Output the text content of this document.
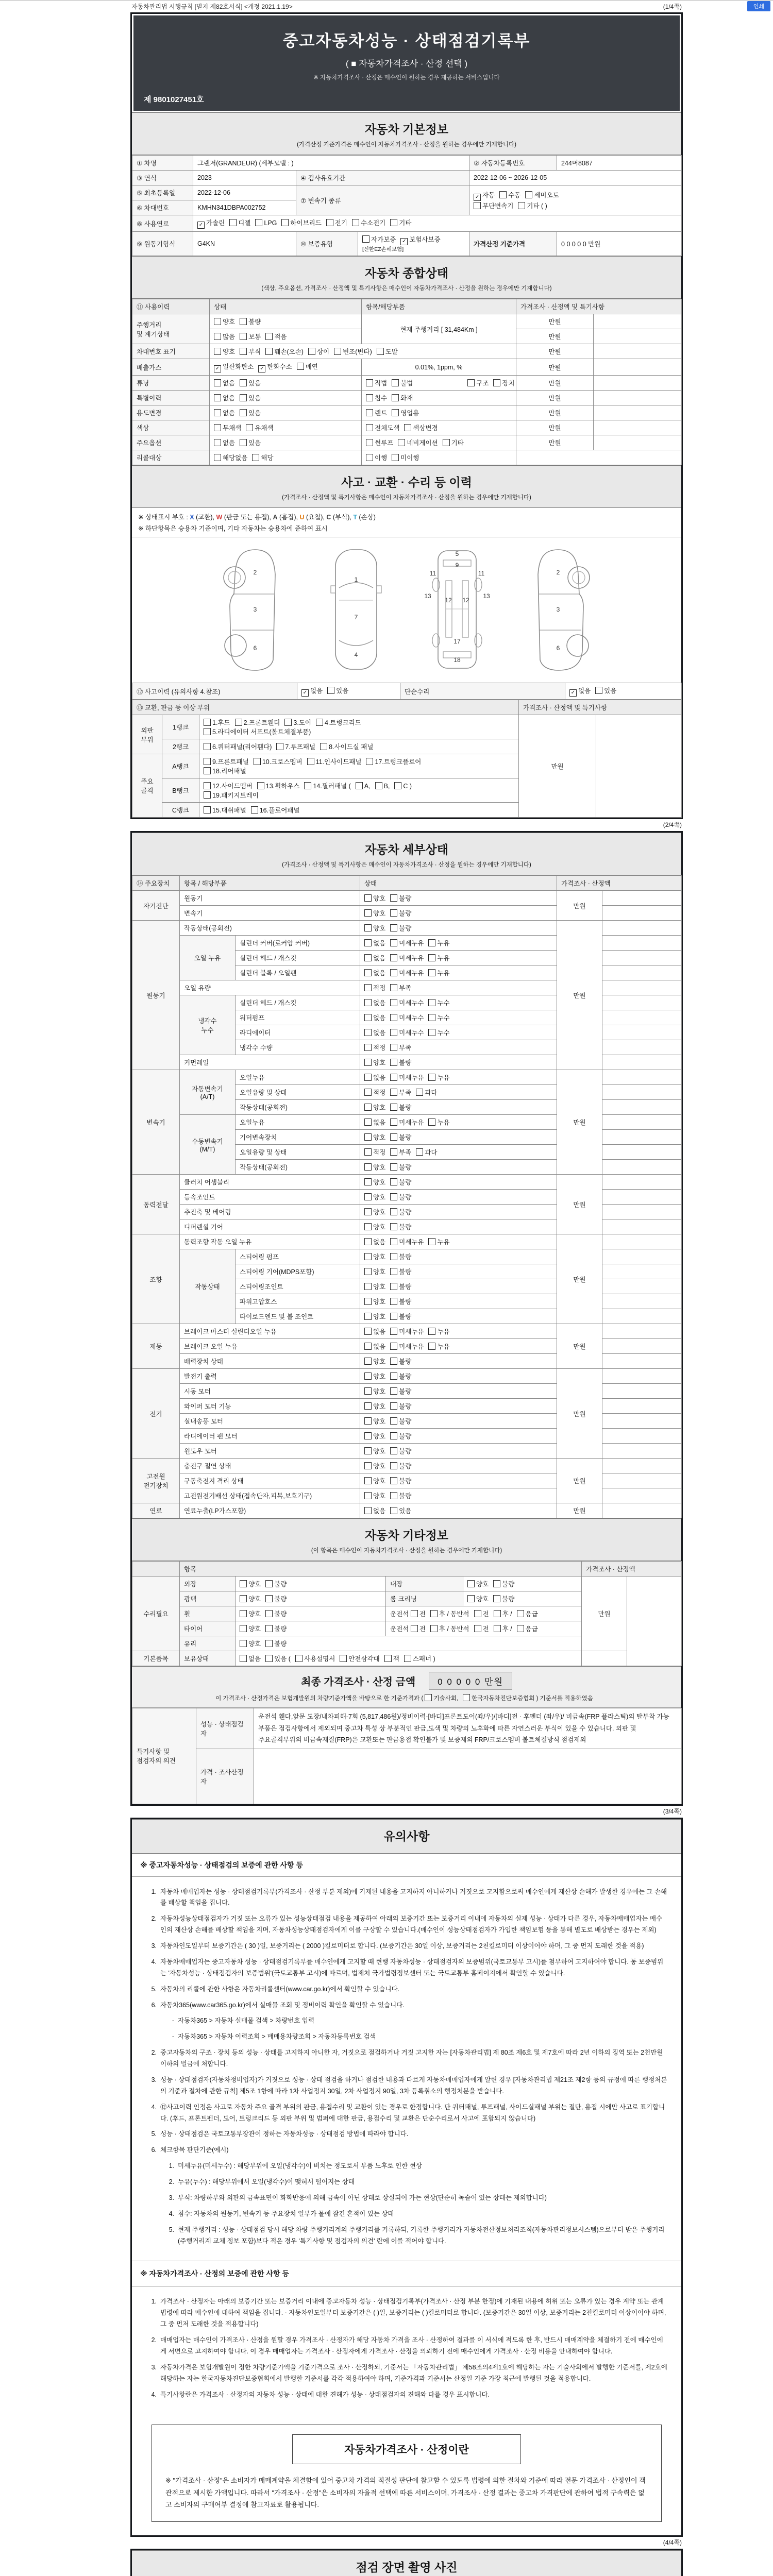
인쇄
자동차관리법 시행규칙 [별지 제82호서식] <개정 2021.1.19>	(1/4쪽)
중고자동차성능 · 상태점검기록부
( ■ 자동차가격조사 · 산정 선택 )
※ 자동차가격조사 · 산정은 매수인이 원하는 경우 제공하는 서비스입니다
제 9801027451호
자동차 기본정보
(가격산정 기준가격은 매수인이 자동차가격조사 · 산정을 원하는 경우에만 기재합니다)
① 차명	그랜저(GRANDEUR) (세부모델 : )			② 자동차등록번호	244머8087
③ 연식	2023	④ 검사유효기간		2022-12-06 ~ 2026-12-05	
⑤ 최초등록일	2022-12-06	⑦ 변속기 종류		✓ 자동수동세미오토
무단변속기기타 ( )	
⑥ 차대번호	KMHN341DBPA002752				
⑧ 사용연료	✓ 가솔린디젤LPG하이브리드전기수소전기기타				
⑨ 원동기형식	G4KN	⑩ 보증유형	자가보증✓ 보험사보증 [신한EZ손해보험]	가격산정 기준가격	0 0 0 0 0 만원
자동차 종합상태
(색상, 주요옵션, 가격조사 · 산정액 및 특기사항은 매수인이 자동차가격조사 · 산정을 원하는 경우에만 기재합니다)
⑪ 사용이력	상태	항목/해당부품	가격조사 · 산정액 및 특기사항	
주행거리
및 계기상태	양호불량	현재 주행거리 [ 31,484Km ]	만원	
	많음보통적음		만원	
차대번호 표기	양호부식훼손(오손)상이변조(변타)도말		만원	
배출가스	✓ 일산화탄소✓ 탄화수소매연	0.01%, 1ppm, %	만원	
튜닝	없음있음	적법불법 구조장치	만원	
특별이력	없음있음	침수화재	만원	
용도변경	없음있음	렌트영업용	만원	
색상	무채색유채색	전체도색색상변경	만원	
주요옵션	없음있음	썬루프네비게이션기타	만원	
리콜대상	해당없음해당	이행미이행		
사고 · 교환 · 수리 등 이력
(가격조사 · 산정액 및 특기사항은 매수인이 자동차가격조사 · 산정을 원하는 경우에만 기재합니다)
※ 상태표시 부호 : X (교환), W (판금 또는 용접), A (흠집), U (요철), C (부식), T (손상)
※ 하단항목은 승용차 기준이며, 기타 자동차는 승용차에 준하여 표시
2
3
6
1
7
4
5
9
11	11
13	13
12 12
17
18
2
3
6
⑫ 사고이력 (유의사항 4.참조)	✓ 없음있음	단순수리	✓ 없음있음
⑬ 교환, 판금 등 이상 부위			가격조사 · 산정액 및 특기사항	
외판
부위	1랭크	1.후드2.프론트휀더3.도어4.트렁크리드
5.라디에이터 서포트(볼트체결부품)	만원	
	2랭크	6.쿼터패널(리어휀다)7.루프패널8.사이드실 패널		
주요
골격	A랭크	9.프론트패널10.크로스멤버11.인사이드패널17.트렁크플로어
18.리어패널		
	B랭크	12.사이드멤버13.휠하우스14.필러패널 (A,B,C )
19.패키지트레이		
	C랭크	15.대쉬패널16.플로어패널		
(2/4쪽)
자동차 세부상태
(가격조사 · 산정액 및 특기사항은 매수인이 자동차가격조사 · 산정을 원하는 경우에만 기재합니다)
⑭ 주요장치	항목 / 해당부품		상태	가격조사 · 산정액	
자기진단	원동기		양호불량	만원	
	변속기		양호불량		
원동기	작동상태(공회전)		양호불량	만원	
	오일 누유	실린더 커버(로커암 커버)	없음미세누유누유		
		실린더 헤드 / 개스킷	없음미세누유누유		
		실린더 블록 / 오일팬	없음미세누유누유		
	오일 유량		적정부족		
	냉각수
누수	실린더 헤드 / 개스킷	없음미세누수누수		
		워터펌프	없음미세누수누수		
		라디에이터	없음미세누수누수		
		냉각수 수량	적정부족		
	커먼레일		양호불량		
변속기	자동변속기
(A/T)	오일누유	없음미세누유누유	만원	
		오일유량 및 상태	적정부족과다		
		작동상태(공회전)	양호불량		
	수동변속기
(M/T)	오일누유	없음미세누유누유		
		기어변속장치	양호불량		
		오일유량 및 상태	적정부족과다		
		작동상태(공회전)	양호불량		
동력전달	클러치 어셈블리		양호불량	만원	
	등속조인트		양호불량		
	추진축 및 베어링		양호불량		
	디퍼렌셜 기어		양호불량		
조향	동력조향 작동 오일 누유		없음미세누유누유	만원	
	작동상태	스티어링 펌프	양호불량		
		스티어링 기어(MDPS포함)	양호불량		
		스티어링조인트	양호불량		
		파워고압호스	양호불량		
		타이로드엔드 및 볼 조인트	양호불량		
제동	브레이크 마스터 실린더오일 누유		없음미세누유누유	만원	
	브레이크 오일 누유		없음미세누유누유		
	배력장치 상태		양호불량		
전기	발전기 출력		양호불량	만원	
	시동 모터		양호불량		
	와이퍼 모터 기능		양호불량		
	실내송풍 모터		양호불량		
	라디에이터 팬 모터		양호불량		
	윈도우 모터		양호불량		
고전원
전기장치	충전구 절연 상태		양호불량	만원	
	구동축전지 격리 상태		양호불량		
	고전원전기배선 상태(접속단자,피복,보호기구)		양호불량		
연료	연료누출(LP가스포함)		없음있음	만원	
자동차 기타정보
(이 항목은 매수인이 자동차가격조사 · 산정을 원하는 경우에만 기재합니다)
	항목				가격조사 · 산정액	
수리필요	외장	양호불량	내장	양호불량	만원	
	광택	양호불량	룸 크리닝	양호불량		
	휠	양호불량	운전석 전후 / 동반석전후 /응급			
	타이어	양호불량	운전석 전후 / 동반석전후 /응급			
	유리	양호불량				
기본품목	보유상태	없음있음 (사용설명서안전삼각대잭스패너 )				
최종 가격조사 · 산정 금액	0 0 0 0 0 만원
이 가격조사 · 산정가격은 보험개발원의 차량기준가액을 바탕으로 한 기준가격과 ( 기술사회,한국자동차진단보증협회 ) 기준서를 적용하였음
특기사항 및
점검자의 의견	성능 · 상태점검
자	운전석 휀다,앞문 도장/내차피해-7회 (5,817,486원)/정비이력-[바디]프론트도어(좌/우)/[바디]전 · 후펜더 (좌/우)/ 비금속(FRP 플라스틱)의 탈부착 가능 부품은 점검사항에서 제외되며 중고차 특성 상 부분적인 판금,도색 및 차량의 노후화에 따른 자연스러운 부식이 있을 수 있습니다. 외판 및 주요골격부위의 비금속재질(FRP)은 교환또는 판금용접 확인불가 및 보증제외 FRP/크로스멤버 볼트체결방식 점검제외
	가격 · 조사산정
자	
(3/4쪽)
유의사항
※ 중고자동차성능 · 상태점검의 보증에 관한 사항 등
1. 자동차 매매업자는 성능 · 상태점검기록부(가격조사 · 산정 부분 제외)에 기재된 내용을 고지하지 아니하거나 거짓으로 고지함으로써 매수인에게 재산상 손해가 발생한 경우에는 그 손해를 배상할 책임을 집니다.
2. 자동차성능상태점검자가 거짓 또는 오류가 있는 성능상태점검 내용을 제공하여 아래의 보증기간 또는 보증거리 이내에 자동차의 실제 성능 · 상태가 다른 경우, 자동차매매업자는 매수인의 재산상 손해를 배상할 책임을 지며, 자동차성능상태점검자에게 이를 구상할 수 있습니다.(매수인이 성능상태점검자가 가입한 책임보험 등을 통해 별도로 배상받는 경우는 제외)
3. 자동차인도일부터 보증기간은 ( 30 )일, 보증거리는 ( 2000 )킬로미터로 합니다. (보증기간은 30일 이상, 보증거리는 2천킬로미터 이상이어야 하며, 그 중 먼저 도래한 것을 적용)
4. 자동차매매업자는 중고자동차 성능 · 상태점검기록부를 매수인에게 고지할 때 현행 자동차성능 · 상태점검자의 보증범위(국토교통부 고시)를 첨부하여 고지하여야 합니다. 동 보증범위는 '자동차성능 · 상태점검자의 보증범위'(국토교통부 고시)에 따르며, 법제처 국가법령정보센터 또는 국토교통부 홈페이지에서 확인할 수 있습니다.
5. 자동차의 리콜에 관한 사항은 자동차리콜센터(www.car.go.kr)에서 확인할 수 있습니다.
6. 자동차365(www.car365.go.kr)에서 실매물 조회 및 정비이력 확인을 확인할 수 있습니다.
- 자동차365 > 자동차 실매물 검색 > 차량번호 입력
- 자동차365 > 자동차 이력조회 > 매매용차량조회 > 자동차등록번호 검색
2. 중고자동차의 구조 · 장치 등의 성능 · 상태를 고지하지 아니한 자, 거짓으로 점검하거나 거짓 고지한 자는 [자동차관리법] 제 80조 제6호 및 제7호에 따라 2년 이하의 징역 또는 2천만원 이하의 벌금에 처합니다.
3. 성능 · 상태점검자(자동차정비업자)가 거짓으로 성능 · 상태 점검을 하거나 점검한 내용과 다르게 자동차매매업자에게 알린 경우 [자동차관리법 제21조 제2항 등의 규정에 따른 행정처분의 기준과 절차에 관한 규칙] 제5조 1항에 따라 1차 사업정지 30일, 2차 사업정지 90일, 3차 등록취소의 행정처분을 받습니다.
4. ⑫사고이력 인정은 사고로 자동차 주요 골격 부위의 판금, 용접수리 및 교환이 있는 경우로 한정합니다. 단 쿼터패널, 루프패널, 사이드실패널 부위는 절단, 용접 시에만 사고로 표기합니다. (후드, 프론트펜더, 도어, 트렁크리드 등 외판 부위 및 범퍼에 대한 판금, 용접수리 및 교환은 단순수리로서 사고에 포함되지 않습니다)
5. 성능 · 상태점검은 국토교통부장관이 정하는 자동차성능 · 상태점검 방법에 따라야 합니다.
6. 체크항목 판단기준(예시)
1. 미세누유(미세누수) : 해당부위에 오일(냉각수)이 비치는 정도로서 부품 노후로 인한 현상
2. 누유(누수) : 해당부위에서 오일(냉각수)이 맺혀서 떨어지는 상태
3. 부식: 차량하부와 외판의 금속표면이 화학반응에 의해 금속이 아닌 상태로 상실되어 가는 현상(단순히 녹슬어 있는 상태는 제외합니다)
4. 침수: 자동차의 원동기, 변속기 등 주요장치 일부가 물에 잠긴 흔적이 있는 상태
5. 현재 주행거리 : 성능 · 상태점검 당시 해당 차량 주행거리계의 주행거리를 기록하되, 기록한 주행거리가 자동차전산정보처리조직(자동차관리정보시스템)으로부터 받은 주행거리(주행거리계 교체 정보 포함)보다 적은 경우 '특기사항 및 점검자의 의견' 란에 이를 적어야 합니다.
※ 자동차가격조사 · 산정의 보증에 관한 사항 등
1. 가격조사 · 산정자는 아래의 보증기간 또는 보증거리 이내에 중고자동차 성능 · 상태점검기록부(가격조사 · 산정 부분 한정)에 기재된 내용에 허위 또는 오류가 있는 경우 계약 또는 관계법령에 따라 매수인에 대하여 책임을 집니다. · 자동차인도일부터 보증기간은 ( )일, 보증거리는 ( )킬로미터로 합니다. (보증기간은 30일 이상, 보증거리는 2천킬로미터 이상이어야 하며, 그 중 먼저 도래한 것을 적용합니다)
2. 매매업자는 매수인이 가격조사 · 산정을 원할 경우 가격조사 · 산정자가 해당 자동차 가격을 조사 · 산정하여 결과를 이 서식에 적도록 한 후, 반드시 매매계약을 체결하기 전에 매수인에게 서면으로 고지하여야 합니다. 이 경우 매매업자는 가격조사 · 산정자에게 가격조사 · 산정을 의뢰하기 전에 매수인에게 가격조사 · 산정 비용을 안내하여야 합니다.
3. 자동차가격은 보험개발원이 정한 차량기준가액을 기준가격으로 조사 · 산정하되, 기준서는 「자동차관리법」 제58조의4제1호에 해당하는 자는 기술사회에서 발행한 기준서를, 제2호에 해당하는 자는 한국자동차진단보증협회에서 발행한 기준서를 각각 적용하여야 하며, 기준가격과 기준서는 산정일 기준 가장 최근에 발행된 것을 적용합니다.
4. 특기사항란은 가격조사 · 산정자의 자동차 성능 · 상태에 대한 견해가 성능 · 상태점검자의 견해와 다를 경우 표시합니다.
자동차가격조사 · 산정이란
※ "가격조사 · 산정"은 소비자가 매매계약을 체결함에 있어 중고차 가격의 적절성 판단에 참고할 수 있도록 법령에 의한 절차와 기준에 따라 전문 가격조사 · 산정인이 객관적으로 제시한 가액입니다. 따라서 "가격조사 · 산정"은 소비자의 자율적 선택에 따른 서비스이며, 가격조사 · 산정 결과는 중고차 가격판단에 관하여 법적 구속력은 없고 소비자의 구매여부 결정에 참고자료로 활용됩니다.
(4/4쪽)
점검 장면 촬영 사진
